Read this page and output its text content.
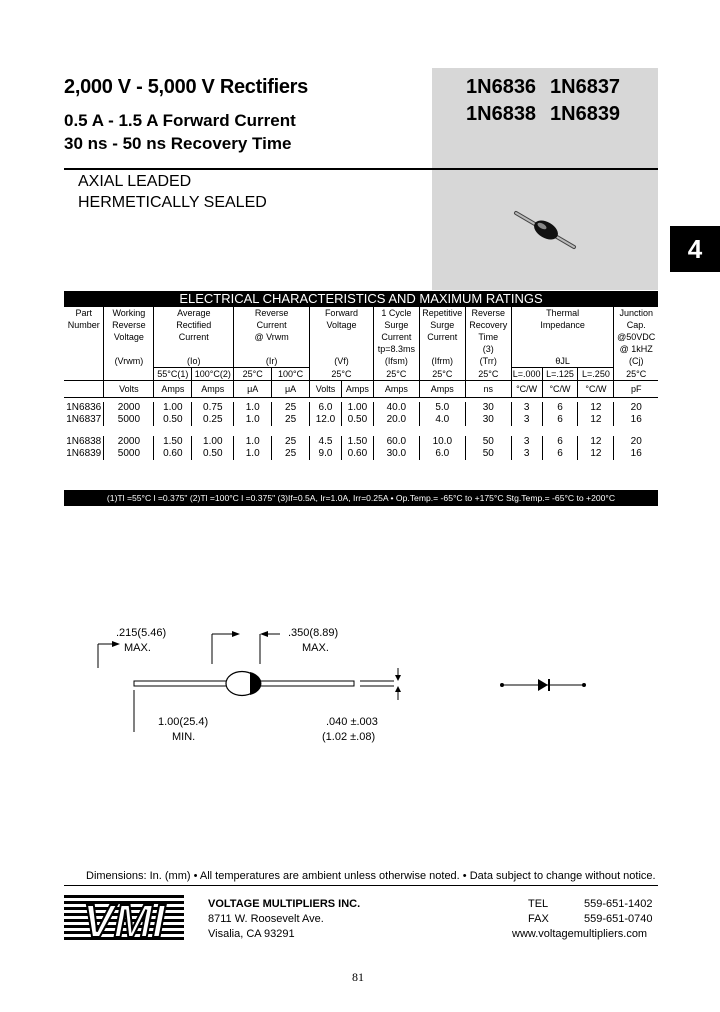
2,000 V - 5,000 V Rectifiers
0.5 A - 1.5 A Forward Current
30 ns - 50 ns Recovery Time
1N6836 1N6837
1N6838 1N6839
AXIAL LEADED
HERMETICALLY SEALED
4
ELECTRICAL CHARACTERISTICS AND MAXIMUM RATINGS														
Part	Working	Average		Reverse		Forward		1 Cycle	Repetitive	Reverse	Thermal			Junction
Number	Reverse	Rectified		Current		Voltage		Surge	Surge	Recovery	Impedance			Cap.
	Voltage	Current		@ Vrwm				Current	Current	Time				@50VDC
								tp=8.3ms		(3)				@ 1kHZ
	(Vrwm)	(Io)		(Ir)		(Vf)		(Ifsm)	(Ifrm)	(Trr)	θJL			(Cj)
		55°C(1)	100°C(2)	25°C	100°C	25°C		25°C	25°C	25°C	L=.000	L=.125	L=.250	25°C
	Volts	Amps	Amps	μA	μA	Volts	Amps	Amps	Amps	ns	°C/W	°C/W	°C/W	pF

1N6836	2000	1.00	0.75	1.0	25	6.0	1.00	40.0	5.0	30	3	6	12	20
1N6837	5000	0.50	0.25	1.0	25	12.0	0.50	20.0	4.0	30	3	6	12	16

1N6838	2000	1.50	1.00	1.0	25	4.5	1.50	60.0	10.0	50	3	6	12	20
1N6839	5000	0.60	0.50	1.0	25	9.0	0.60	30.0	6.0	50	3	6	12	16
(1)Tl =55°C l =0.375" (2)Tl =100°C l =0.375" (3)If=0.5A, Ir=1.0A, Irr=0.25A • Op.Temp.= -65°C to +175°C Stg.Temp.= -65°C to +200°C
.215(5.46)
MAX.
.350(8.89)
MAX.
1.00(25.4)
MIN.
.040 ±.003
(1.02 ±.08)
Dimensions: In. (mm) • All temperatures are ambient unless otherwise noted. • Data subject to change without notice.
VMI	VOLTAGE MULTIPLIERS INC.
8711 W. Roosevelt Ave.
Visalia, CA 93291
TEL	559-651-1402
FAX	559-651-0740
www.voltagemultipliers.com
81
